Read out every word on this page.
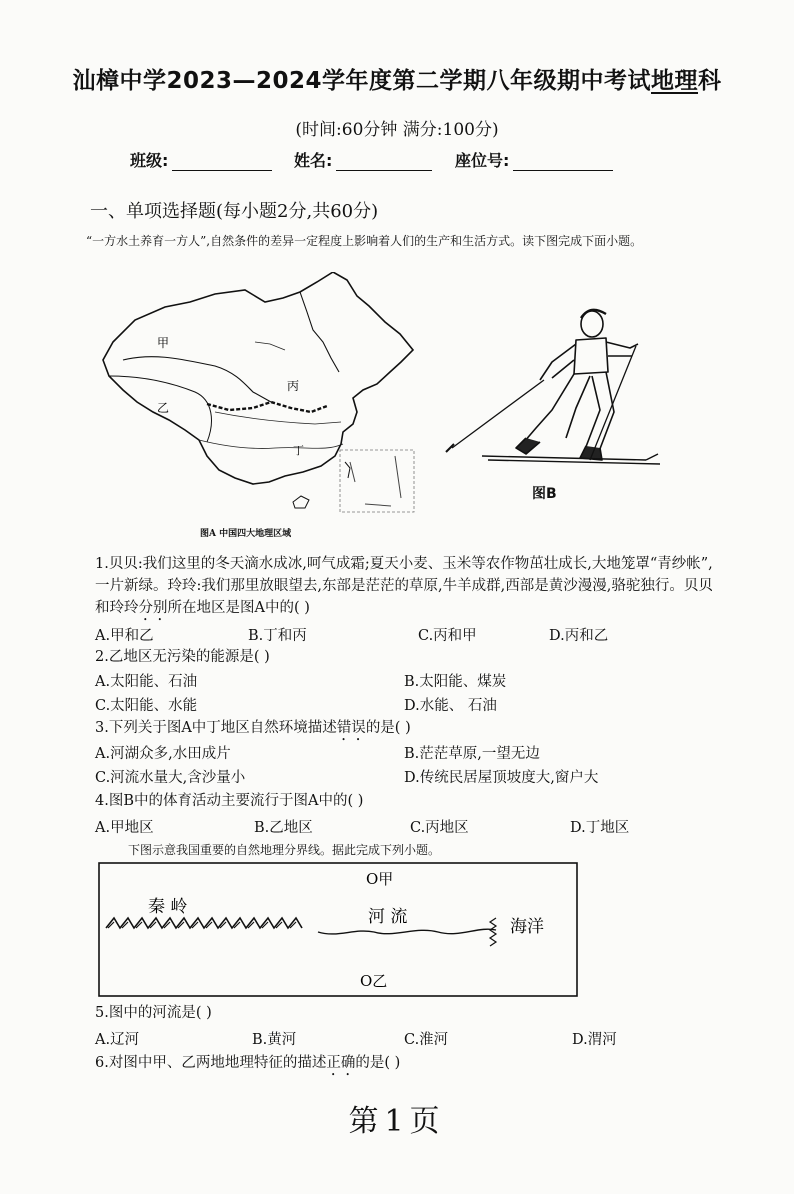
汕樟中学2023—2024学年度第二学期八年级期中考试地理科
(时间:60分钟 满分:100分)
班级:	姓名:	座位号:
一、单项选择题(每小题2分,共60分)
“一方水土养育一方人”,自然条件的差异一定程度上影响着人们的生产和生活方式。读下图完成下面小题。
甲
乙
丙
丁
图A 中国四大地理区域
图B
1.贝贝:我们这里的冬天滴水成冰,呵气成霜;夏天小麦、玉米等农作物茁壮成长,大地笼罩“青纱帐”,
一片新绿。玲玲:我们那里放眼望去,东部是茫茫的草原,牛羊成群,西部是黄沙漫漫,骆驼独行。贝贝
和玲玲分别所在地区是图A中的( )
A.甲和乙	B.丁和丙	C.丙和甲	D.丙和乙
2.乙地区无污染的能源是( )
A.太阳能、石油	B.太阳能、煤炭
C.太阳能、水能	D.水能、 石油
3.下列关于图A中丁地区自然环境描述错误的是( )
A.河湖众多,水田成片	B.茫茫草原,一望无边
C.河流水量大,含沙量小	D.传统民居屋顶坡度大,窗户大
4.图B中的体育活动主要流行于图A中的( )
A.甲地区	B.乙地区	C.丙地区	D.丁地区
下图示意我国重要的自然地理分界线。据此完成下列小题。
O甲
O乙
秦 岭	河 流	海洋
5.图中的河流是( )
A.辽河	B.黄河	C.淮河	D.渭河
6.对图中甲、乙两地地理特征的描述正确的是( )
第1页
